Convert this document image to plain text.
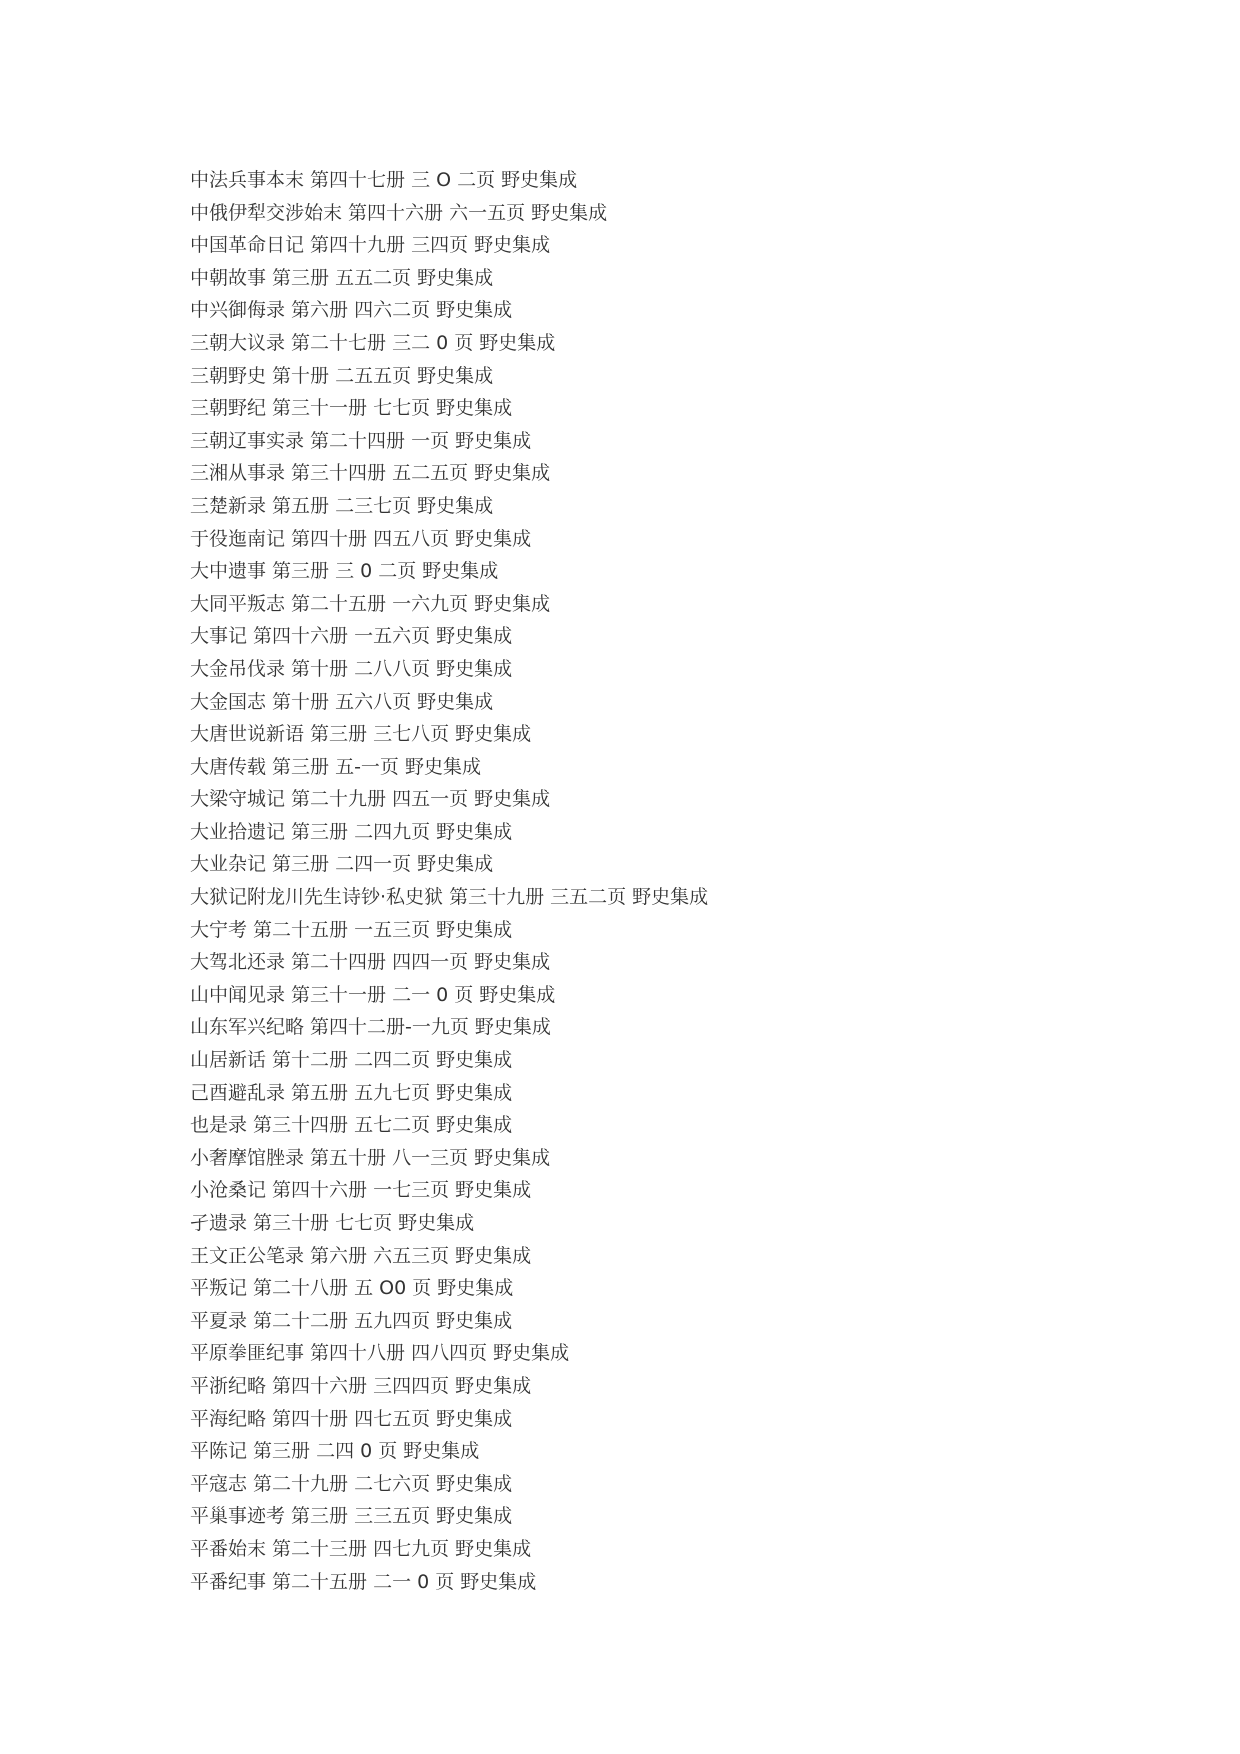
中法兵事本末 第四十七册 三 O 二页 野史集成
中俄伊犁交涉始末 第四十六册 六一五页 野史集成
中国革命日记 第四十九册 三四页 野史集成
中朝故事 第三册 五五二页 野史集成
中兴御侮录 第六册 四六二页 野史集成
三朝大议录 第二十七册 三二 0 页 野史集成
三朝野史 第十册 二五五页 野史集成
三朝野纪 第三十一册 七七页 野史集成
三朝辽事实录 第二十四册 一页 野史集成
三湘从事录 第三十四册 五二五页 野史集成
三楚新录 第五册 二三七页 野史集成
于役迤南记 第四十册 四五八页 野史集成
大中遗事 第三册 三 0 二页 野史集成
大同平叛志 第二十五册 一六九页 野史集成
大事记 第四十六册 一五六页 野史集成
大金吊伐录 第十册 二八八页 野史集成
大金国志 第十册 五六八页 野史集成
大唐世说新语 第三册 三七八页 野史集成
大唐传载 第三册 五-一页 野史集成
大梁守城记 第二十九册 四五一页 野史集成
大业拾遗记 第三册 二四九页 野史集成
大业杂记 第三册 二四一页 野史集成
大狱记附龙川先生诗钞·私史狱 第三十九册 三五二页 野史集成
大宁考 第二十五册 一五三页 野史集成
大驾北还录 第二十四册 四四一页 野史集成
山中闻见录 第三十一册 二一 0 页 野史集成
山东军兴纪略 第四十二册-一九页 野史集成
山居新话 第十二册 二四二页 野史集成
己酉避乱录 第五册 五九七页 野史集成
也是录 第三十四册 五七二页 野史集成
小奢摩馆脞录 第五十册 八一三页 野史集成
小沧桑记 第四十六册 一七三页 野史集成
孑遗录 第三十册 七七页 野史集成
王文正公笔录 第六册 六五三页 野史集成
平叛记 第二十八册 五 O0 页 野史集成
平夏录 第二十二册 五九四页 野史集成
平原拳匪纪事 第四十八册 四八四页 野史集成
平浙纪略 第四十六册 三四四页 野史集成
平海纪略 第四十册 四七五页 野史集成
平陈记 第三册 二四 0 页 野史集成
平寇志 第二十九册 二七六页 野史集成
平巢事迹考 第三册 三三五页 野史集成
平番始末 第二十三册 四七九页 野史集成
平番纪事 第二十五册 二一 0 页 野史集成
